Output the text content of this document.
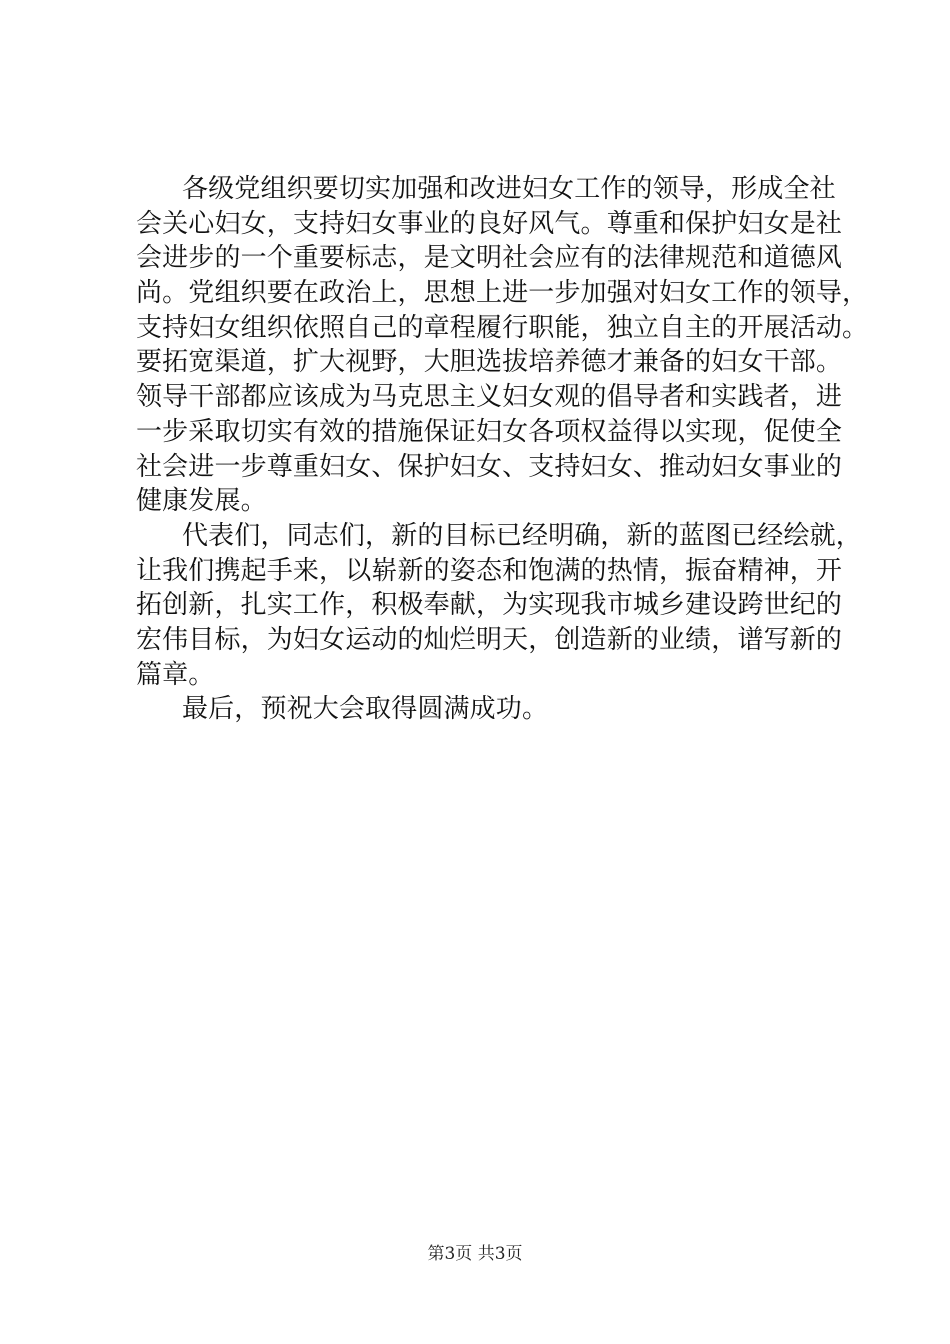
各级党组织要切实加强和改进妇女工作的领导，形成全社
会关心妇女，支持妇女事业的良好风气。尊重和保护妇女是社
会进步的一个重要标志，是文明社会应有的法律规范和道德风
尚。党组织要在政治上，思想上进一步加强对妇女工作的领导，
支持妇女组织依照自己的章程履行职能，独立自主的开展活动。
要拓宽渠道，扩大视野，大胆选拔培养德才兼备的妇女干部。
领导干部都应该成为马克思主义妇女观的倡导者和实践者，进
一步采取切实有效的措施保证妇女各项权益得以实现，促使全
社会进一步尊重妇女、保护妇女、支持妇女、推动妇女事业的
健康发展。
代表们，同志们，新的目标已经明确，新的蓝图已经绘就，
让我们携起手来，以崭新的姿态和饱满的热情，振奋精神，开
拓创新，扎实工作，积极奉献，为实现我市城乡建设跨世纪的
宏伟目标，为妇女运动的灿烂明天，创造新的业绩，谱写新的
篇章。
最后，预祝大会取得圆满成功。
第3页 共3页
